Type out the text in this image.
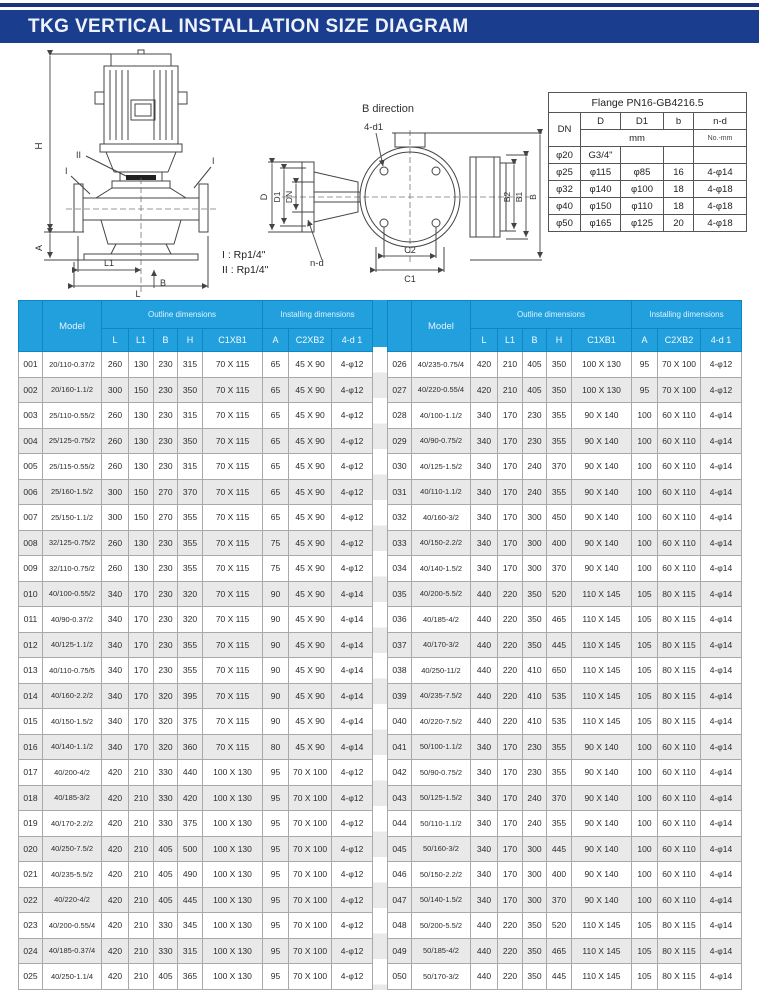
TKG VERTICAL INSTALLATION SIZE DIAGRAM
H
A
II
I
I
L1
L
B
B direction
D D1 DN	B2 B1 B
C2
C1
4-d1
n-d
Flange PN16-GB4216.5				
DN	D	D1	b	n-d
	mm			No.-mm
φ20	G3/4"			
φ25	φ115	φ85	16	4-φ14
φ32	φ140	φ100	18	4-φ18
φ40	φ150	φ110	18	4-φ18
φ50	φ165	φ125	20	4-φ18
I : Rp1/4"
II : Rp1/4"
	Model	Outline dimensions					Installing dimensions		
		L	L1	B	H	C1XB1	A	C2XB2	4-d 1
001	20/110-0.37/2	260	130	230	315	70 X 115	65	45 X 90	4-φ12
002	20/160-1.1/2	300	150	230	350	70 X 115	65	45 X 90	4-φ12
003	25/110-0.55/2	260	130	230	315	70 X 115	65	45 X 90	4-φ12
004	25/125-0.75/2	260	130	230	350	70 X 115	65	45 X 90	4-φ12
005	25/115-0.55/2	260	130	230	315	70 X 115	65	45 X 90	4-φ12
006	25/160-1.5/2	300	150	270	370	70 X 115	65	45 X 90	4-φ12
007	25/150-1.1/2	300	150	270	355	70 X 115	65	45 X 90	4-φ12
008	32/125-0.75/2	260	130	230	355	70 X 115	75	45 X 90	4-φ12
009	32/110-0.75/2	260	130	230	355	70 X 115	75	45 X 90	4-φ12
010	40/100-0.55/2	340	170	230	320	70 X 115	90	45 X 90	4-φ14
011	40/90-0.37/2	340	170	230	320	70 X 115	90	45 X 90	4-φ14
012	40/125-1.1/2	340	170	230	355	70 X 115	90	45 X 90	4-φ14
013	40/110-0.75/5	340	170	230	355	70 X 115	90	45 X 90	4-φ14
014	40/160-2.2/2	340	170	320	395	70 X 115	90	45 X 90	4-φ14
015	40/150-1.5/2	340	170	320	375	70 X 115	90	45 X 90	4-φ14
016	40/140-1.1/2	340	170	320	360	70 X 115	80	45 X 90	4-φ14
017	40/200-4/2	420	210	330	440	100 X 130	95	70 X 100	4-φ12
018	40/185-3/2	420	210	330	420	100 X 130	95	70 X 100	4-φ12
019	40/170-2.2/2	420	210	330	375	100 X 130	95	70 X 100	4-φ12
020	40/250-7.5/2	420	210	405	500	100 X 130	95	70 X 100	4-φ12
021	40/235-5.5/2	420	210	405	490	100 X 130	95	70 X 100	4-φ12
022	40/220-4/2	420	210	405	445	100 X 130	95	70 X 100	4-φ12
023	40/200-0.55/4	420	210	330	345	100 X 130	95	70 X 100	4-φ12
024	40/185-0.37/4	420	210	330	315	100 X 130	95	70 X 100	4-φ12
025	40/250-1.1/4	420	210	405	365	100 X 130	95	70 X 100	4-φ12
	Model	Outline dimensions					Installing dimensions		
		L	L1	B	H	C1XB1	A	C2XB2	4-d 1
026	40/235-0.75/4	420	210	405	350	100 X 130	95	70 X 100	4-φ12
027	40/220-0.55/4	420	210	405	350	100 X 130	95	70 X 100	4-φ12
028	40/100-1.1/2	340	170	230	355	90 X 140	100	60 X 110	4-φ14
029	40/90-0.75/2	340	170	230	355	90 X 140	100	60 X 110	4-φ14
030	40/125-1.5/2	340	170	240	370	90 X 140	100	60 X 110	4-φ14
031	40/110-1.1/2	340	170	240	355	90 X 140	100	60 X 110	4-φ14
032	40/160-3/2	340	170	300	450	90 X 140	100	60 X 110	4-φ14
033	40/150-2.2/2	340	170	300	400	90 X 140	100	60 X 110	4-φ14
034	40/140-1.5/2	340	170	300	370	90 X 140	100	60 X 110	4-φ14
035	40/200-5.5/2	440	220	350	520	110 X 145	105	80 X 115	4-φ14
036	40/185-4/2	440	220	350	465	110 X 145	105	80 X 115	4-φ14
037	40/170-3/2	440	220	350	445	110 X 145	105	80 X 115	4-φ14
038	40/250-11/2	440	220	410	650	110 X 145	105	80 X 115	4-φ14
039	40/235-7.5/2	440	220	410	535	110 X 145	105	80 X 115	4-φ14
040	40/220-7.5/2	440	220	410	535	110 X 145	105	80 X 115	4-φ14
041	50/100-1.1/2	340	170	230	355	90 X 140	100	60 X 110	4-φ14
042	50/90-0.75/2	340	170	230	355	90 X 140	100	60 X 110	4-φ14
043	50/125-1.5/2	340	170	240	370	90 X 140	100	60 X 110	4-φ14
044	50/110-1.1/2	340	170	240	355	90 X 140	100	60 X 110	4-φ14
045	50/160-3/2	340	170	300	445	90 X 140	100	60 X 110	4-φ14
046	50/150-2.2/2	340	170	300	400	90 X 140	100	60 X 110	4-φ14
047	50/140-1.5/2	340	170	300	370	90 X 140	100	60 X 110	4-φ14
048	50/200-5.5/2	440	220	350	520	110 X 145	105	80 X 115	4-φ14
049	50/185-4/2	440	220	350	465	110 X 145	105	80 X 115	4-φ14
050	50/170-3/2	440	220	350	445	110 X 145	105	80 X 115	4-φ14
